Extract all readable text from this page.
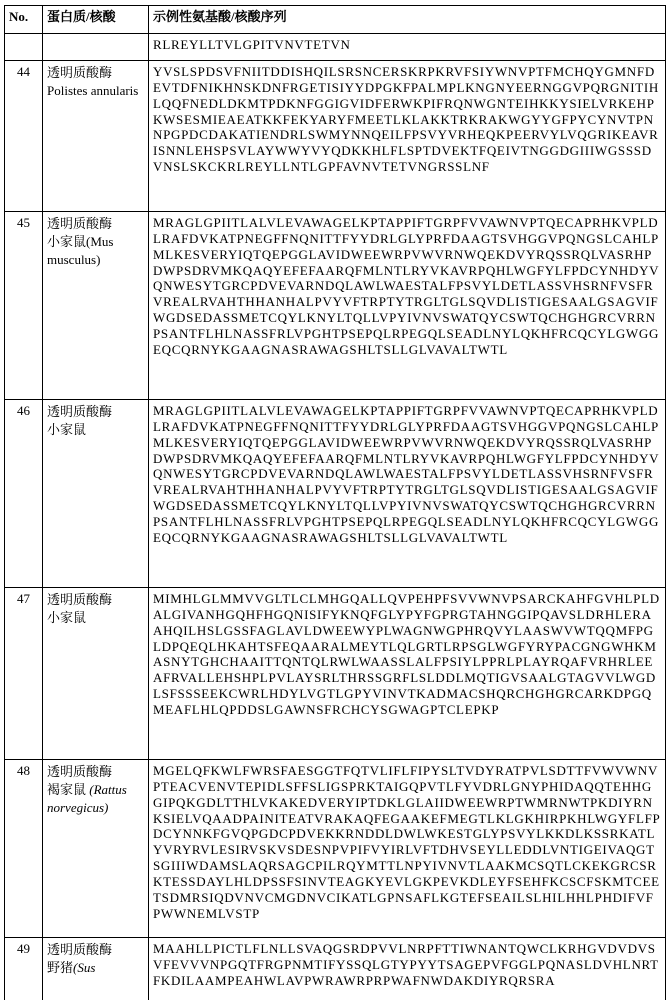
No.	蛋白质/核酸	示例性氨基酸/核酸序列

		RLREYLLTVLGPITVNVTETVN

44	透明质酸酶
Polistes annularis	YVSLSPDSVFNIITDDISHQILSRSNCERSKRPKRVFSIYWNVPTFMCHQYGMNFDEVTDFNIKHNSKDNFRGETISIYYDPGKFPALMPLKNGNYEERNGGVPQRGNITIHLQQFNEDLDKMTPDKNFGGIGVIDFERWKPIFRQNWGNTEIHKKYSIELVRKEHPKWSESMIEAEATKKFEKYARYFMEETLKLAKKTRKRAKWGYYGFPYCYNVTPNNPGPDCDAKATIENDRLSWMYNNQEILFPSVYVRHEQKPEERVYLVQGRIKEAVRISNNLEHSPSVLAYWWYVYQDKKHLFLSPTDVEKTFQEIVTNGGDGIIIWGSSSDVNSLSKCKRLREYLLNTLGPFAVNVTETVNGRSSLNF

45	透明质酸酶
小家鼠(Mus musculus)	MRAGLGPIITLALVLEVAWAGELKPTAPPIFTGRPFVVAWNVPTQECAPRHKVPLDLRAFDVKATPNEGFFNQNITTFYYDRLGLYPRFDAAGTSVHGGVPQNGSLCAHLPMLKESVERYIQTQEPGGLAVIDWEEWRPVWVRNWQEKDVYRQSSRQLVASRHPDWPSDRVMKQAQYEFEFAARQFMLNTLRYVKAVRPQHLWGFYLFPDCYNHDYVQNWESYTGRCPDVEVARNDQLAWLWAESTALFPSVYLDETLASSVHSRNFVSFRVREALRVAHTHHANHALPVYVFTRPTYTRGLTGLSQVDLISTIGESAALGSAGVIFWGDSEDASSMETCQYLKNYLTQLLVPYIVNVSWATQYCSWTQCHGHGRCVRRNPSANTFLHLNASSFRLVPGHTPSEPQLRPEGQLSEADLNYLQKHFRCQCYLGWGGEQCQRNYKGAAGNASRAWAGSHLTSLLGLVAVALTWTL

46	透明质酸酶
小家鼠	MRAGLGPIITLALVLEVAWAGELKPTAPPIFTGRPFVVAWNVPTQECAPRHKVPLDLRAFDVKATPNEGFFNQNITTFYYDRLGLYPRFDAAGTSVHGGVPQNGSLCAHLPMLKESVERYIQTQEPGGLAVIDWEEWRPVWVRNWQEKDVYRQSSRQLVASRHPDWPSDRVMKQAQYEFEFAARQFMLNTLRYVKAVRPQHLWGFYLFPDCYNHDYVQNWESYTGRCPDVEVARNDQLAWLWAESTALFPSVYLDETLASSVHSRNFVSFRVREALRVAHTHHANHALPVYVFTRPTYTRGLTGLSQVDLISTIGESAALGSAGVIFWGDSEDASSMETCQYLKNYLTQLLVPYIVNVSWATQYCSWTQCHGHGRCVRRNPSANTFLHLNASSFRLVPGHTPSEPQLRPEGQLSEADLNYLQKHFRCQCYLGWGGEQCQRNYKGAAGNASRAWAGSHLTSLLGLVAVALTWTL

47	透明质酸酶
小家鼠	MIMHLGLMMVVGLTLCLMHGQALLQVPEHPFSVVWNVPSARCKAHFGVHLPLDALGIVANHGQHFHGQNISIFYKNQFGLYPYFGPRGTAHNGGIPQAVSLDRHLERAAHQILHSLGSSFAGLAVLDWEEWYPLWAGNWGPHRQVYLAASWVWTQQMFPGLDPQEQLHKAHTSFEQAARALMEYTLQLGRTLRPSGLWGFYRYPACGNGWHKMASNYTGHCHAAITTQNTQLRWLWAASSLALFPSIYLPPRLPLAYRQAFVRHRLEEAFRVALLEHSHPLPVLAYSRLTHRSSGRFLSLDDLMQTIGVSAALGTAGVVLWGDLSFSSSEEKCWRLHDYLVGTLGPYVINVTKADMACSHQRCHGHGRCARKDPGQMEAFLHLQPDDSLGAWNSFRCHCYSGWAGPTCLEPKP

48	透明质酸酶
褐家鼠 (Rattus norvegicus)	MGELQFKWLFWRSFAESGGTFQTVLIFLFIPYSLTVDYRATPVLSDTTFVWVWNVPTEACVENVTEPIDLSFFSLIGSPRKTAIGQPVTLFYVDRLGNYPHIDAQQTEHHGGIPQKGDLTTHLVKAKEDVERYIPTDKLGLAIIDWEEWRPTWMRNWTPKDIYRNKSIELVQAADPAINITEATVRAKAQFEGAAKEFMEGTLKLGKHIRPKHLWGYFLFPDCYNNKFGVQPGDCPDVEKKRNDDLDWLWKESTGLYPSVYLKKDLKSSRKATLYVRYRVLESIRVSKVSDESNPVPIFVYIRLVFTDHVSEYLLEDDLVNTIGEIVAQGTSGIIIWDAMSLAQRSAGCPILRQYMTTLNPYIVNVTLAAKMCSQTLCKEKGRCSRKTESSDAYLHLDPSSFSINVTEAGKYEVLGKPEVKDLEYFSEHFKCSCFSKMTCEETSDMRSIQDVNVCMGDNVCIKATLGPNSAFLKGTEFSEAILSLHILHHLPHDIFVFPWWNEMLVSTP

49	透明质酸酶
野猪(Sus	MAAHLLPICTLFLNLLSVAQGSRDPVVLNRPFTTIWNANTQWCLKRHGVDVDVSVFEVVVNPGQTFRGPNMTIFYSSQLGTYPYYTSAGEPVFGGLPQNASLDVHLNRTFKDILAAMPEAHWLAVPWRAWRPRPWAFNWDAKDIYRQRSRA
